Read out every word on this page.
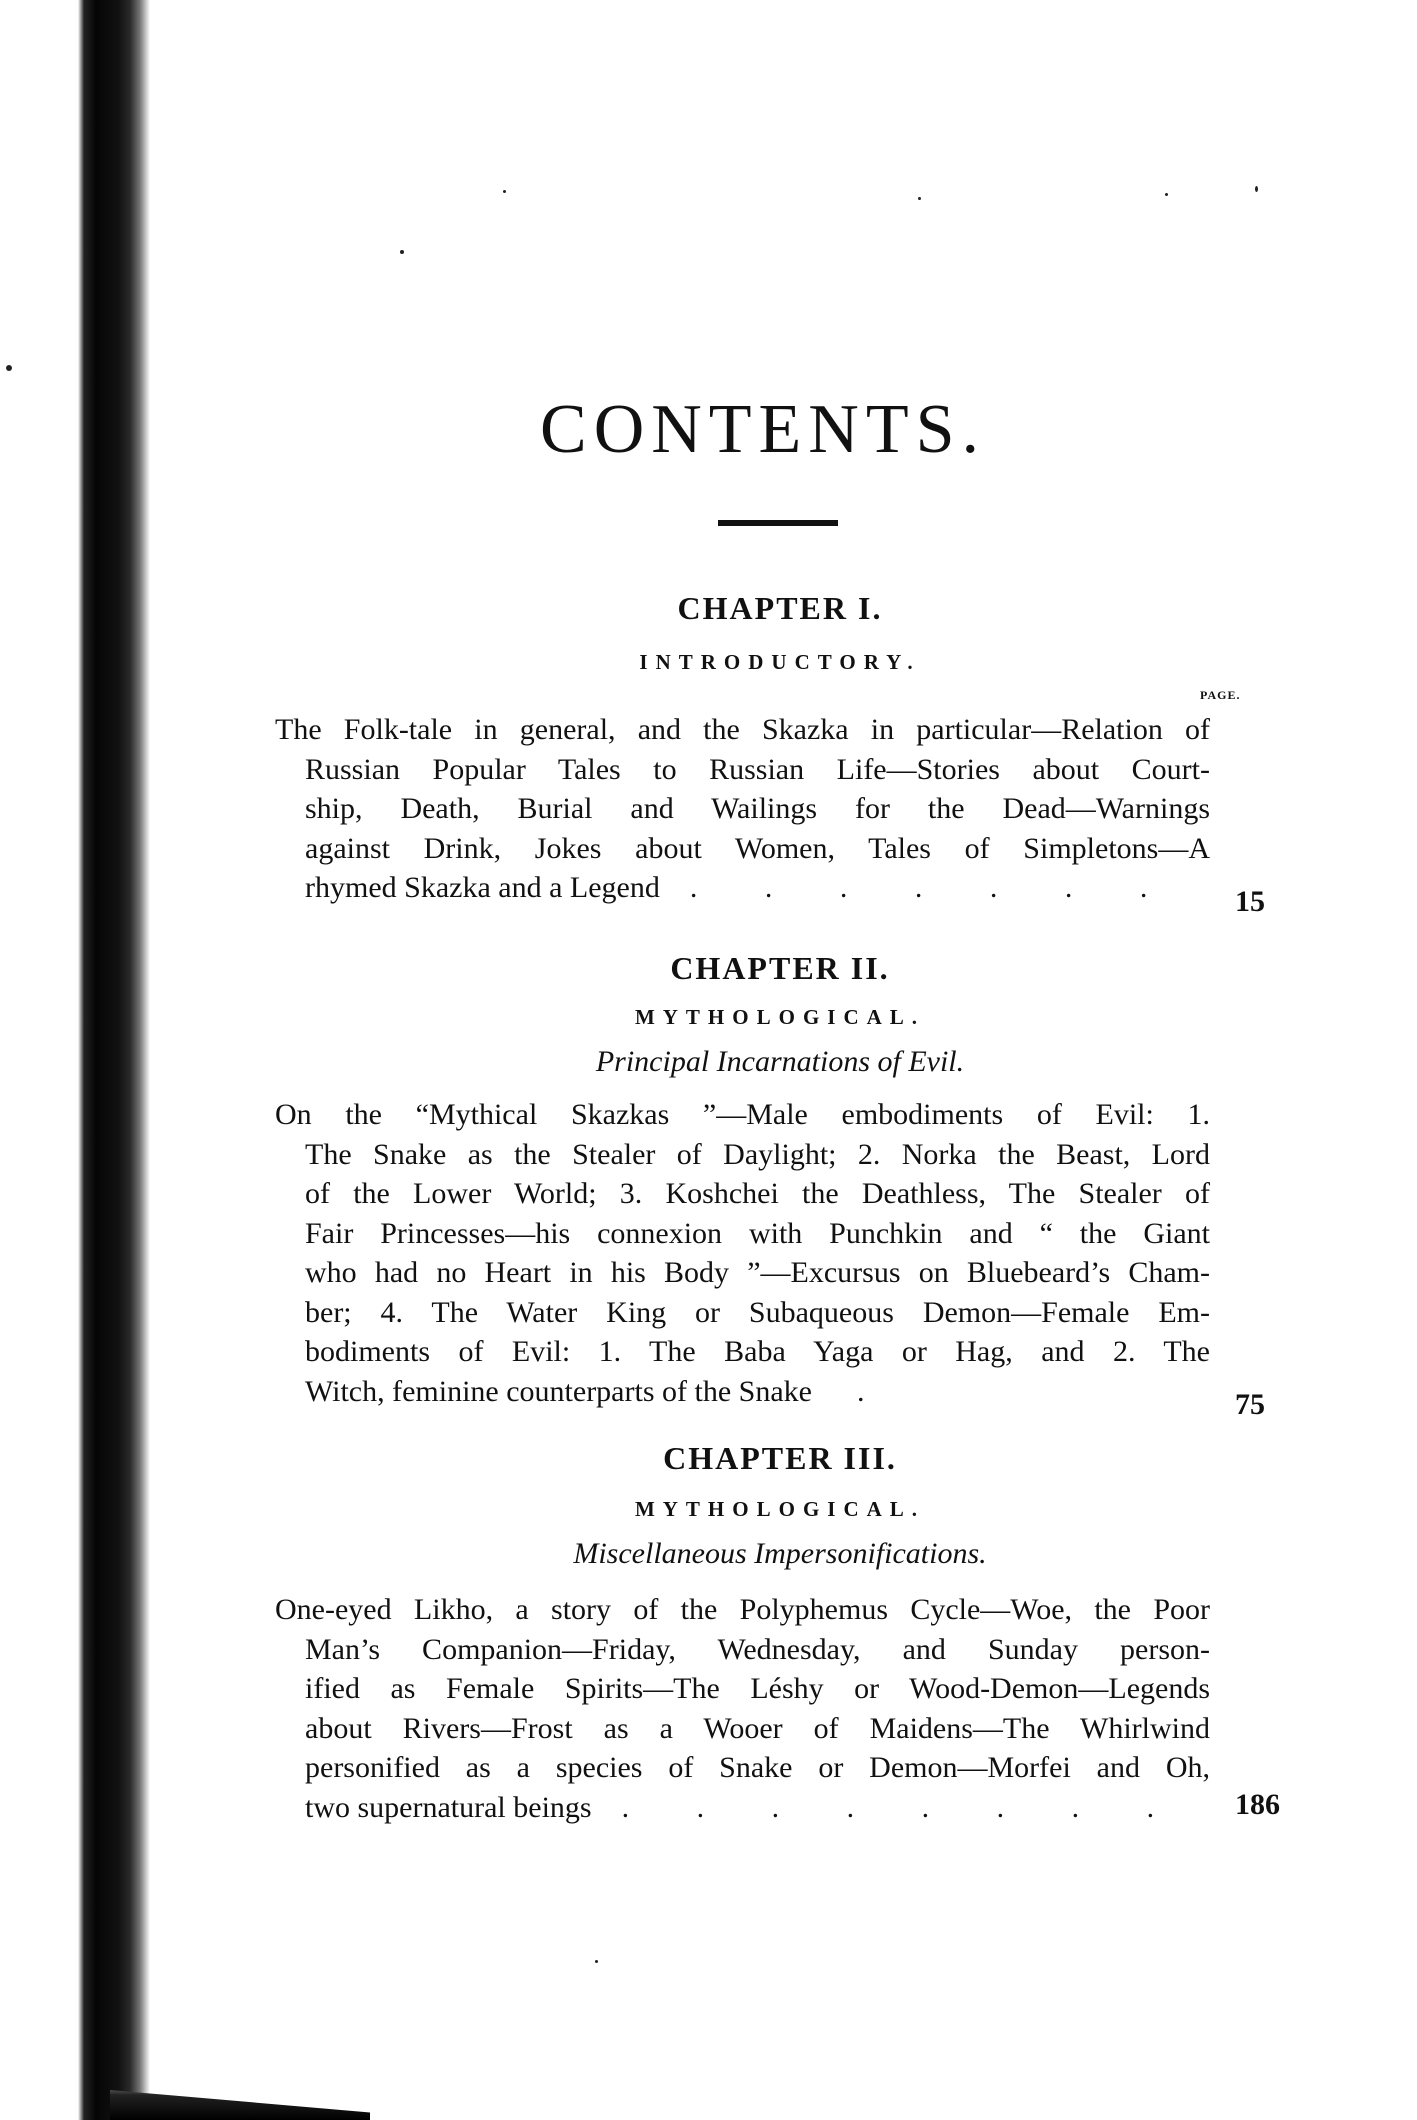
CONTENTS.
CHAPTER I.
INTRODUCTORY.
PAGE.
The Folk-tale in general, and the Skazka in particular—Relation of
Russian Popular Tales to Russian Life—Stories about Court-
ship, Death, Burial and Wailings for the Dead—Warnings
against Drink, Jokes about Women, Tales of Simpletons—A
rhymed Skazka and a Legend . . . . . . .	15
CHAPTER II.
MYTHOLOGICAL.
Principal Incarnations of Evil.
On the “Mythical Skazkas ”—Male embodiments of Evil: 1.
The Snake as the Stealer of Daylight; 2. Norka the Beast, Lord
of the Lower World; 3. Koshchei the Deathless, The Stealer of
Fair Princesses—his connexion with Punchkin and “ the Giant
who had no Heart in his Body ”—Excursus on Bluebeard’s Cham-
ber; 4. The Water King or Subaqueous Demon—Female Em-
bodiments of Evil: 1. The Baba Yaga or Hag, and 2. The
Witch, feminine counterparts of the Snake .	75
CHAPTER III.
MYTHOLOGICAL.
Miscellaneous Impersonifications.
One-eyed Likho, a story of the Polyphemus Cycle—Woe, the Poor
Man’s Companion—Friday, Wednesday, and Sunday person-
ified as Female Spirits—The Léshy or Wood-Demon—Legends
about Rivers—Frost as a Wooer of Maidens—The Whirlwind
personified as a species of Snake or Demon—Morfei and Oh,
two supernatural beings . . . . . . . .	186
